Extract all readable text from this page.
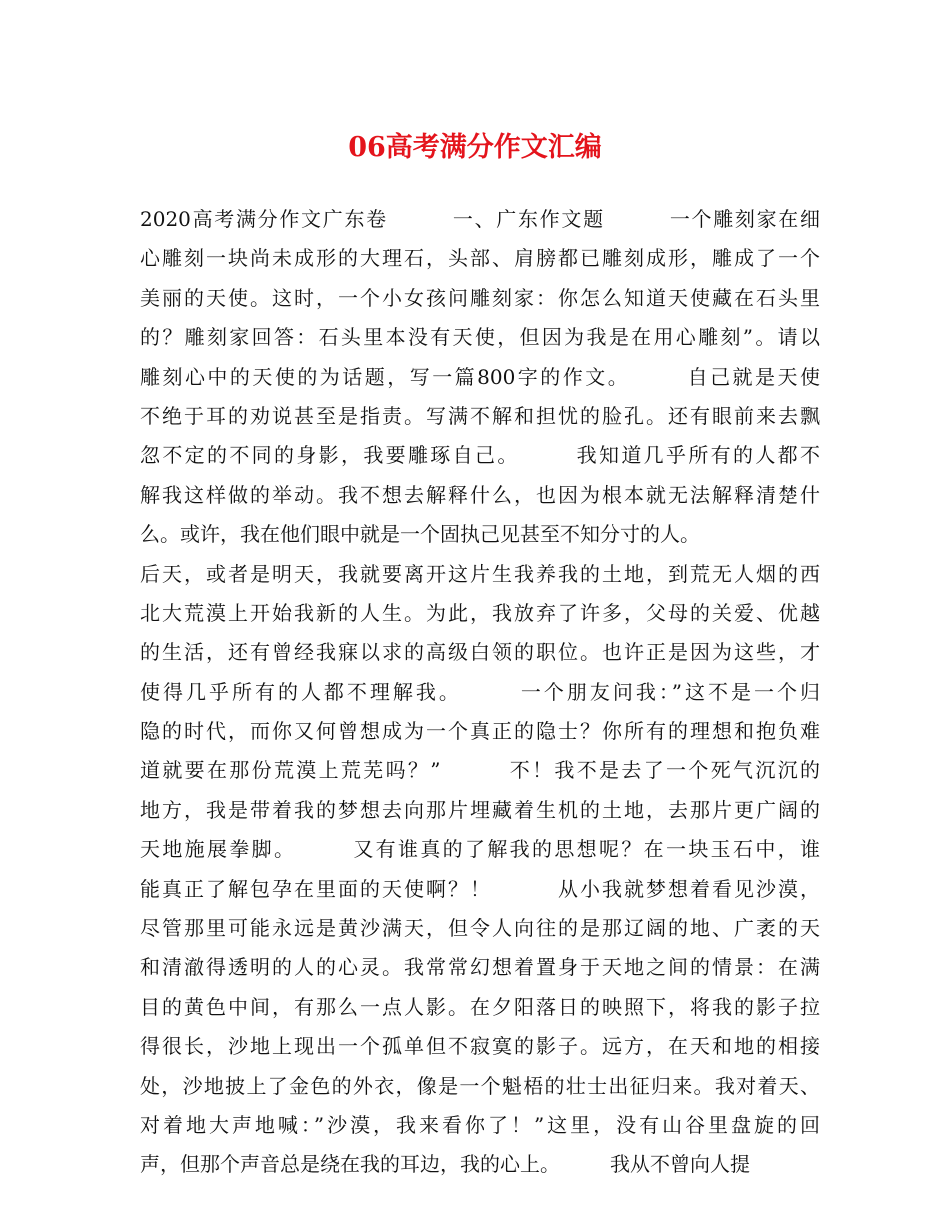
06高考满分作文汇编
2020高考满分作文广东卷　　　一、广东作文题　　　一个雕刻家在细
心雕刻一块尚未成形的大理石，头部、肩膀都已雕刻成形，雕成了一个
美丽的天使。这时，一个小女孩问雕刻家：你怎么知道天使藏在石头里
的？雕刻家回答：石头里本没有天使，但因为我是在用心雕刻”。请以
雕刻心中的天使的为话题，写一篇800字的作文。　　　自己就是天使
不绝于耳的劝说甚至是指责。写满不解和担忧的脸孔。还有眼前来去飘
忽不定的不同的身影，我要雕琢自己。　　　我知道几乎所有的人都不
解我这样做的举动。我不想去解释什么，也因为根本就无法解释清楚什
么。或许，我在他们眼中就是一个固执己见甚至不知分寸的人。
后天，或者是明天，我就要离开这片生我养我的土地，到荒无人烟的西
北大荒漠上开始我新的人生。为此，我放弃了许多，父母的关爱、优越
的生活，还有曾经我寐以求的高级白领的职位。也许正是因为这些，才
使得几乎所有的人都不理解我。　　　一个朋友问我：”这不是一个归
隐的时代，而你又何曾想成为一个真正的隐士？你所有的理想和抱负难
道就要在那份荒漠上荒芜吗？”　　　不！我不是去了一个死气沉沉的
地方，我是带着我的梦想去向那片埋藏着生机的土地，去那片更广阔的
天地施展拳脚。　　　又有谁真的了解我的思想呢？在一块玉石中，谁
能真正了解包孕在里面的天使啊？！　　　从小我就梦想着看见沙漠，
尽管那里可能永远是黄沙满天，但令人向往的是那辽阔的地、广袤的天
和清澈得透明的人的心灵。我常常幻想着置身于天地之间的情景：在满
目的黄色中间，有那么一点人影。在夕阳落日的映照下，将我的影子拉
得很长，沙地上现出一个孤单但不寂寞的影子。远方，在天和地的相接
处，沙地披上了金色的外衣，像是一个魁梧的壮士出征归来。我对着天、
对着地大声地喊：”沙漠，我来看你了！”这里，没有山谷里盘旋的回
声，但那个声音总是绕在我的耳边，我的心上。　　　我从不曾向人提
